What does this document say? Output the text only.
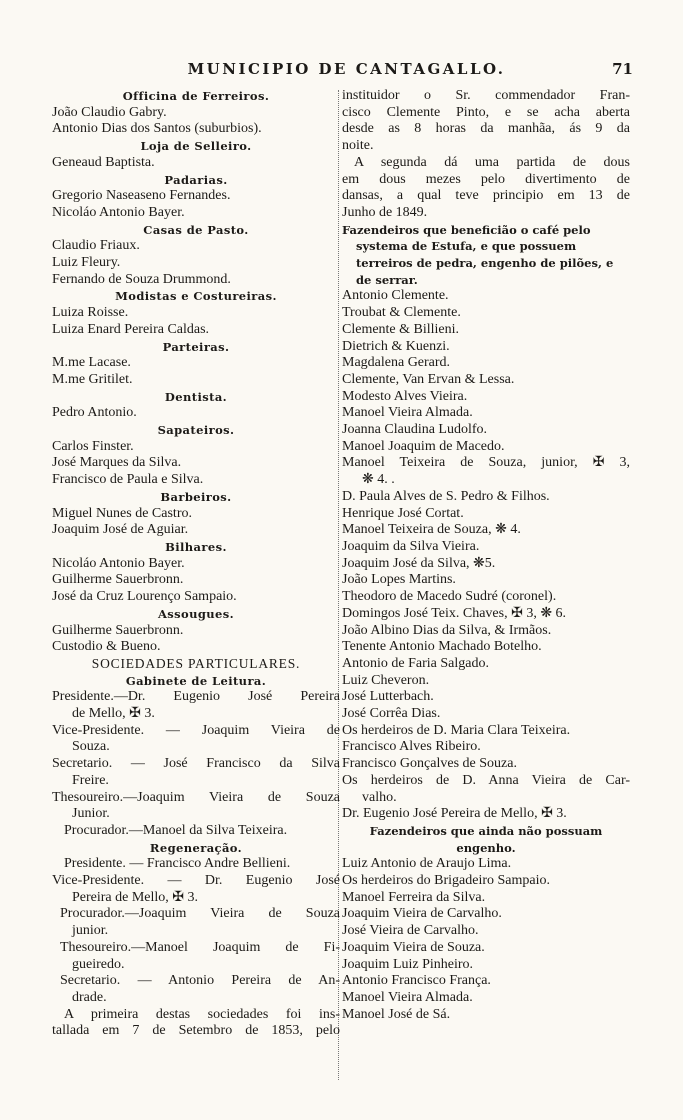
MUNICIPIO DE CANTAGALLO.	71
Officina de Ferreiros.
João Claudio Gabry.
Antonio Dias dos Santos (suburbios).
Loja de Selleiro.
Geneaud Baptista.
Padarias.
Gregorio Naseaseno Fernandes.
Nicoláo Antonio Bayer.
Casas de Pasto.
Claudio Friaux.
Luiz Fleury.
Fernando de Souza Drummond.
Modistas e Costureiras.
Luiza Roisse.
Luiza Enard Pereira Caldas.
Parteiras.
M.me Lacase.
M.me Gritilet.
Dentista.
Pedro Antonio.
Sapateiros.
Carlos Finster.
José Marques da Silva.
Francisco de Paula e Silva.
Barbeiros.
Miguel Nunes de Castro.
Joaquim José de Aguiar.
Bilhares.
Nicoláo Antonio Bayer.
Guilherme Sauerbronn.
José da Cruz Lourenço Sampaio.
Assougues.
Guilherme Sauerbronn.
Custodio & Bueno.
SOCIEDADES PARTICULARES.
Gabinete de Leitura.
Presidente.—Dr. Eugenio José Pereira
de Mello, ✠ 3.
Vice-Presidente. — Joaquim Vieira de
Souza.
Secretario. — José Francisco da Silva
Freire.
Thesoureiro.—Joaquim Vieira de Souza
Junior.
Procurador.—Manoel da Silva Teixeira.
Regeneração.
Presidente. — Francisco Andre Bellieni.
Vice-Presidente. — Dr. Eugenio José
Pereira de Mello, ✠ 3.
Procurador.—Joaquim Vieira de Souza
junior.
Thesoureiro.—Manoel Joaquim de Fi-
gueiredo.
Secretario. — Antonio Pereira de An-
drade.
A primeira destas sociedades foi ins-
tallada em 7 de Setembro de 1853, pelo
instituidor o Sr. commendador Fran-
cisco Clemente Pinto, e se acha aberta
desde as 8 horas da manhãa, ás 9 da
noite.
A segunda dá uma partida de dous
em dous mezes pelo divertimento de
dansas, a qual teve principio em 13 de
Junho de 1849.
Fazendeiros que beneficião o café pelo systema de Estufa, e que possuem terreiros de pedra, engenho de pilões, e de serrar.
Antonio Clemente.
Troubat & Clemente.
Clemente & Billieni.
Dietrich & Kuenzi.
Magdalena Gerard.
Clemente, Van Ervan & Lessa.
Modesto Alves Vieira.
Manoel Vieira Almada.
Joanna Claudina Ludolfo.
Manoel Joaquim de Macedo.
Manoel Teixeira de Souza, junior, ✠ 3,
❋ 4. .
D. Paula Alves de S. Pedro & Filhos.
Henrique José Cortat.
Manoel Teixeira de Souza, ❋ 4.
Joaquim da Silva Vieira.
Joaquim José da Silva, ❋5.
João Lopes Martins.
Theodoro de Macedo Sudré (coronel).
Domingos José Teix. Chaves, ✠ 3, ❋ 6.
João Albino Dias da Silva, & Irmãos.
Tenente Antonio Machado Botelho.
Antonio de Faria Salgado.
Luiz Cheveron.
José Lutterbach.
José Corrêa Dias.
Os herdeiros de D. Maria Clara Teixeira.
Francisco Alves Ribeiro.
Francisco Gonçalves de Souza.
Os herdeiros de D. Anna Vieira de Car-
valho.
Dr. Eugenio José Pereira de Mello, ✠ 3.
Fazendeiros que ainda não possuam engenho.
Luiz Antonio de Araujo Lima.
Os herdeiros do Brigadeiro Sampaio.
Manoel Ferreira da Silva.
Joaquim Vieira de Carvalho.
José Vieira de Carvalho.
Joaquim Vieira de Souza.
Joaquim Luiz Pinheiro.
Antonio Francisco França.
Manoel Vieira Almada.
Manoel José de Sá.
